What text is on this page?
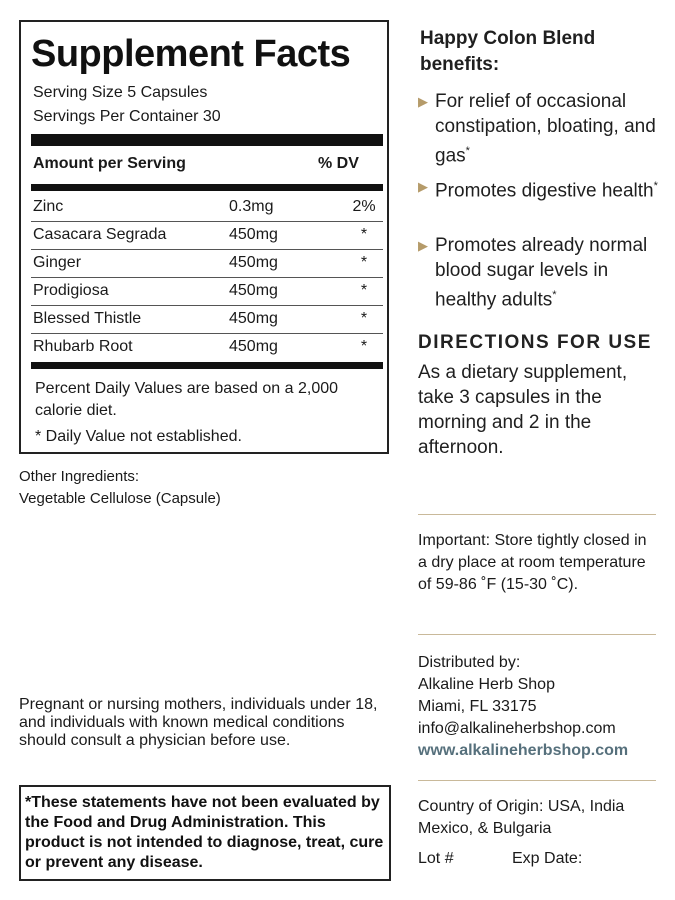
Supplement Facts
Serving Size 5 Capsules
Servings Per Container 30
Amount per Serving	% DV
Zinc	0.3mg	2%
Casacara Segrada	450mg	*
Ginger	450mg	*
Prodigiosa	450mg	*
Blessed Thistle	450mg	*
Rhubarb Root	450mg	*
Percent Daily Values are based on a 2,000 calorie diet.
* Daily Value not established.
Other Ingredients:
Vegetable Cellulose (Capsule)
Pregnant or nursing mothers, individuals under 18, and individuals with known medical conditions should consult a physician before use.
*These statements have not been evaluated by the Food and Drug Administration. This product is not intended to diagnose, treat, cure or prevent any disease.
Happy Colon Blend benefits:
▶ For relief of occasional constipation, bloating, and gas*
▶ Promotes digestive health*
▶ Promotes already normal blood sugar levels in healthy adults*
DIRECTIONS FOR USE
As a dietary supplement, take 3 capsules in the morning and 2 in the afternoon.
Important: Store tightly closed in a dry place at room temperature of 59-86 ˚F (15-30 ˚C).
Distributed by:
Alkaline Herb Shop
Miami, FL 33175
info@alkalineherbshop.com
www.alkalineherbshop.com
Country of Origin: USA, India Mexico, & Bulgaria
Lot #	Exp Date:
